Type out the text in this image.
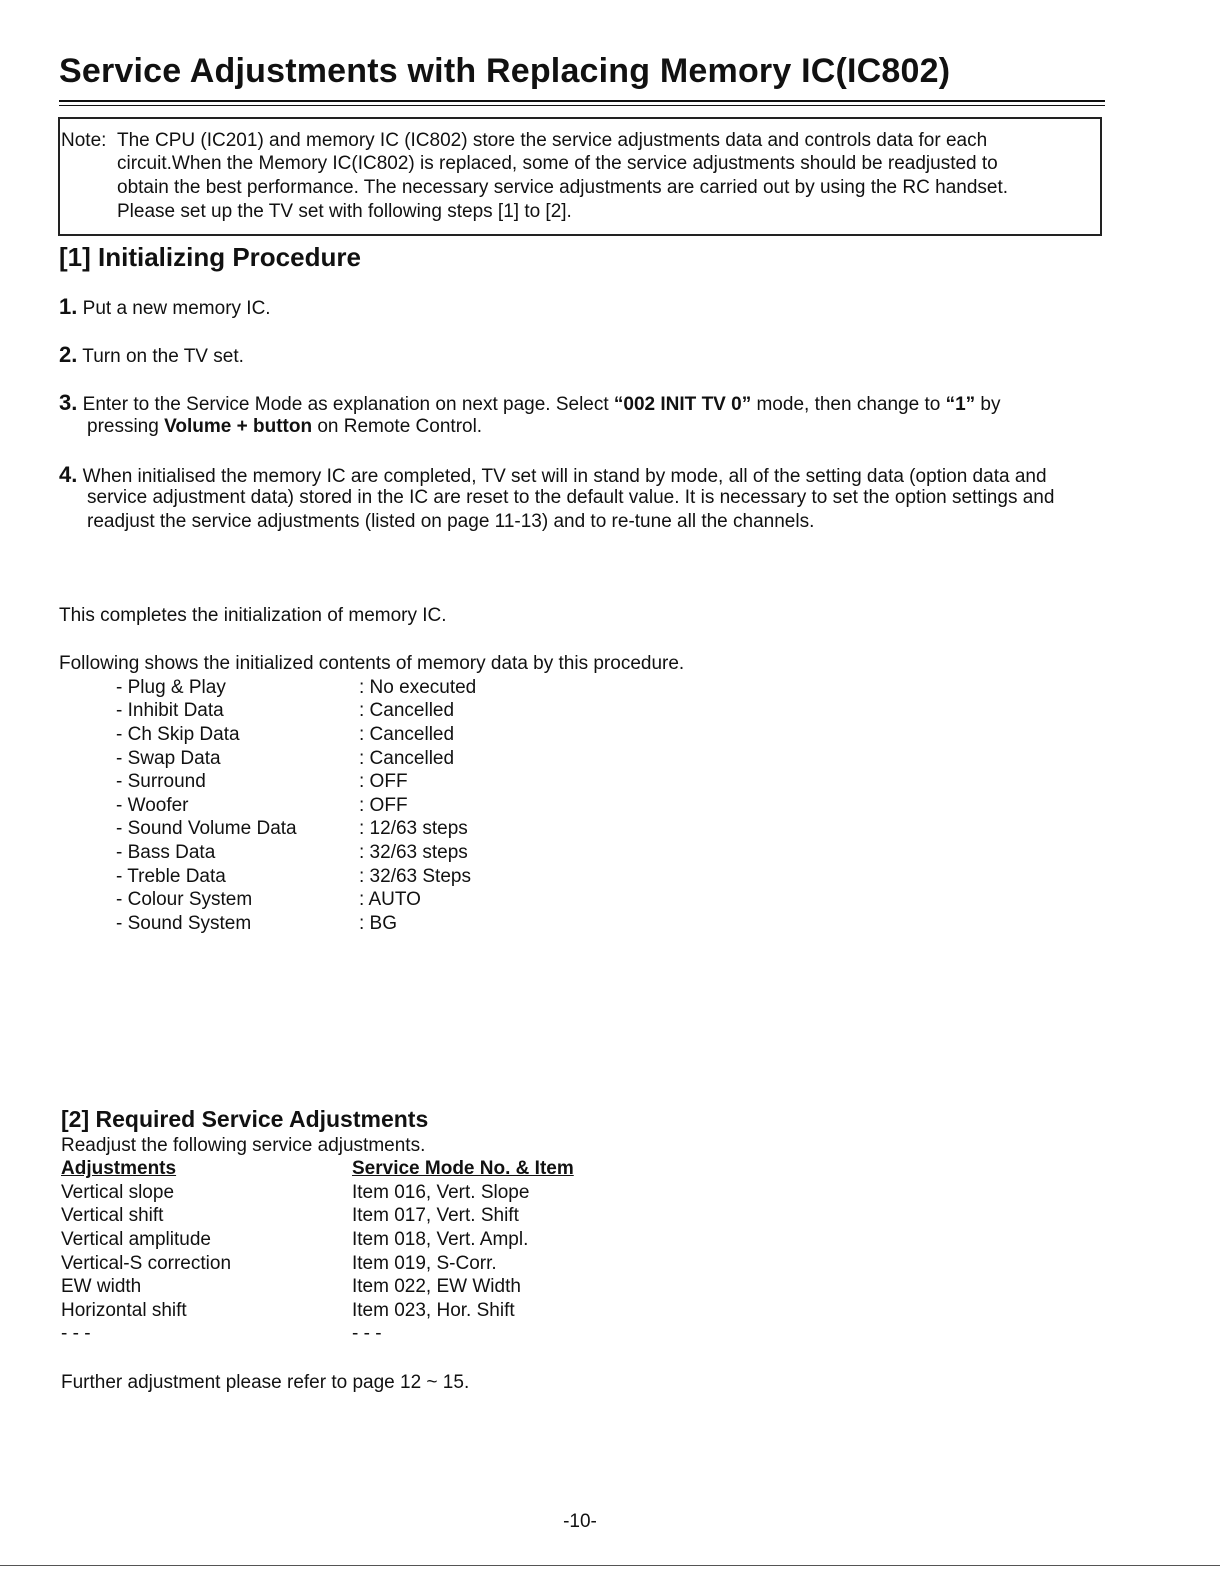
Service Adjustments with Replacing Memory IC(IC802)
Note: The CPU (IC201) and memory IC (IC802) store the service adjustments data and controls data for each
circuit.When the Memory IC(IC802) is replaced, some of the service adjustments should be readjusted to
obtain the best performance. The necessary service adjustments are carried out by using the RC handset.
Please set up the TV set with following steps [1] to [2].
[1] Initializing Procedure
1. Put a new memory IC.
2. Turn on the TV set.
3. Enter to the Service Mode as explanation on next page. Select “002 INIT TV 0” mode, then change to “1” by
pressing Volume + button on Remote Control.
4. When initialised the memory IC are completed, TV set will in stand by mode, all of the setting data (option data and
service adjustment data) stored in the IC are reset to the default value. It is necessary to set the option settings and
readjust the service adjustments (listed on page 11-13) and to re-tune all the channels.
This completes the initialization of memory IC.
Following shows the initialized contents of memory data by this procedure.
- Plug & Play	: No executed
- Inhibit Data	: Cancelled
- Ch Skip Data	: Cancelled
- Swap Data	: Cancelled
- Surround	: OFF
- Woofer	: OFF
- Sound Volume Data	: 12/63 steps
- Bass Data	: 32/63 steps
- Treble Data	: 32/63 Steps
- Colour System	: AUTO
- Sound System	: BG
[2] Required Service Adjustments
Readjust the following service adjustments.
Adjustments	Service Mode No. & Item
Vertical slope	Item 016, Vert. Slope
Vertical shift	Item 017, Vert. Shift
Vertical amplitude	Item 018, Vert. Ampl.
Vertical-S correction	Item 019, S-Corr.
EW width	Item 022, EW Width
Horizontal shift	Item 023, Hor. Shift
- - -	- - -
Further adjustment please refer to page 12 ~ 15.
-10-
